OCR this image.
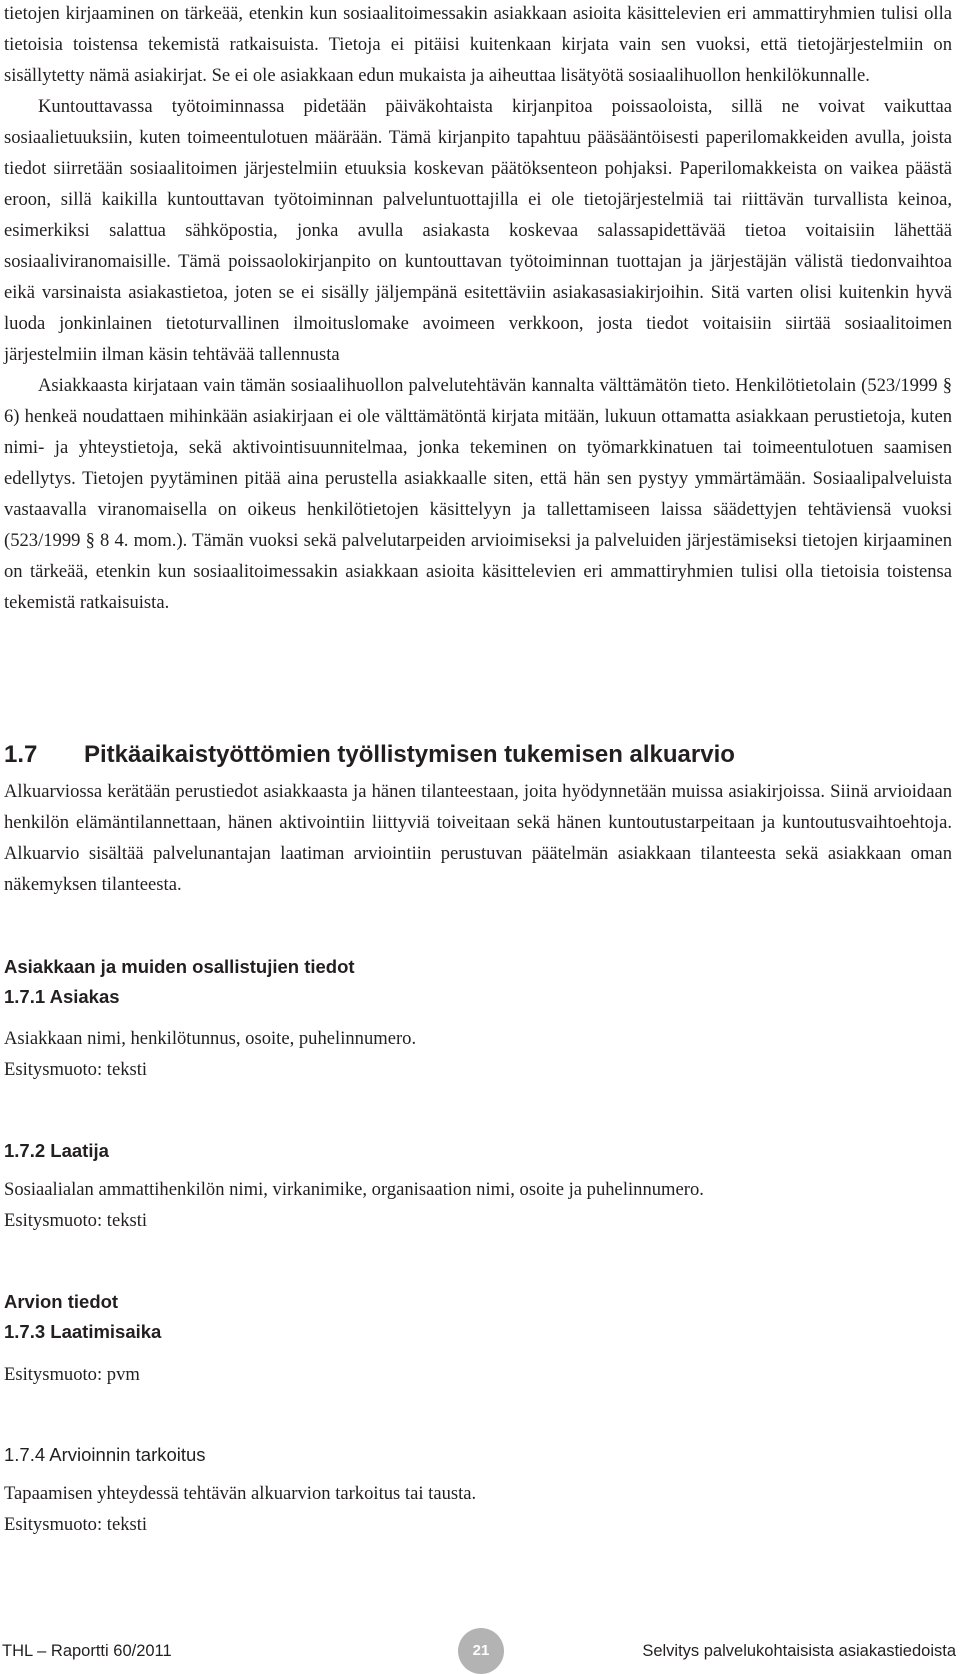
tietojen kirjaaminen on tärkeää, etenkin kun sosiaalitoimessakin asiakkaan asioita käsittelevien eri ammattiryhmien tulisi olla tietoisia toistensa tekemistä ratkaisuista. Tietoja ei pitäisi kuitenkaan kirjata vain sen vuoksi, että tietojärjestelmiin on sisällytetty nämä asiakirjat. Se ei ole asiakkaan edun mukaista ja aiheuttaa lisätyötä sosiaalihuollon henkilökunnalle.

Kuntouttavassa työtoiminnassa pidetään päiväkohtaista kirjanpitoa poissaoloista, sillä ne voivat vaikuttaa sosiaalietuuksiin, kuten toimeentulotuen määrään. Tämä kirjanpito tapahtuu pääsääntöisesti paperilomakkeiden avulla, joista tiedot siirretään sosiaalitoimen järjestelmiin etuuksia koskevan päätöksenteon pohjaksi. Paperilomakkeista on vaikea päästä eroon, sillä kaikilla kuntouttavan työtoiminnan palveluntuottajilla ei ole tietojärjestelmiä tai riittävän turvallista keinoa, esimerkiksi salattua sähköpostia, jonka avulla asiakasta koskevaa salassapidettävää tietoa voitaisiin lähettää sosiaaliviranomaisille. Tämä poissaolokirjanpito on kuntouttavan työtoiminnan tuottajan ja järjestäjän välistä tiedonvaihtoa eikä varsinaista asiakastietoa, joten se ei sisälly jäljempänä esitettäviin asiakasasiakirjoihin. Sitä varten olisi kuitenkin hyvä luoda jonkinlainen tietoturvallinen ilmoituslomake avoimeen verkkoon, josta tiedot voitaisiin siirtää sosiaalitoimen järjestelmiin ilman käsin tehtävää tallennusta

Asiakkaasta kirjataan vain tämän sosiaalihuollon palvelutehtävän kannalta välttämätön tieto. Henkilötietolain (523/1999 § 6) henkeä noudattaen mihinkään asiakirjaan ei ole välttämätöntä kirjata mitään, lukuun ottamatta asiakkaan perustietoja, kuten nimi- ja yhteystietoja, sekä aktivointisuunnitelmaa, jonka tekeminen on työmarkkinatuen tai toimeentulotuen saamisen edellytys. Tietojen pyytäminen pitää aina perustella asiakkaalle siten, että hän sen pystyy ymmärtämään. Sosiaalipalveluista vastaavalla viranomaisella on oikeus henkilötietojen käsittelyyn ja tallettamiseen laissa säädettyjen tehtäviensä vuoksi (523/1999 § 8 4. mom.). Tämän vuoksi sekä palvelutarpeiden arvioimiseksi ja palveluiden järjestämiseksi tietojen kirjaaminen on tärkeää, etenkin kun sosiaalitoimessakin asiakkaan asioita käsittelevien eri ammattiryhmien tulisi olla tietoisia toistensa tekemistä ratkaisuista.

1.7 Pitkäaikaistyöttömien työllistymisen tukemisen alkuarvio

Alkuarviossa kerätään perustiedot asiakkaasta ja hänen tilanteestaan, joita hyödynnetään muissa asiakirjoissa. Siinä arvioidaan henkilön elämäntilannettaan, hänen aktivointiin liittyviä toiveitaan sekä hänen kuntoutustarpeitaan ja kuntoutusvaihtoehtoja. Alkuarvio sisältää palvelunantajan laatiman arviointiin perustuvan päätelmän asiakkaan tilanteesta sekä asiakkaan oman näkemyksen tilanteesta.

Asiakkaan ja muiden osallistujien tiedot
1.7.1 Asiakas
Asiakkaan nimi, henkilötunnus, osoite, puhelinnumero.
Esitysmuoto: teksti
1.7.2 Laatija
Sosiaalialan ammattihenkilön nimi, virkanimike, organisaation nimi, osoite ja puhelinnumero.
Esitysmuoto: teksti
Arvion tiedot
1.7.3 Laatimisaika
Esitysmuoto: pvm
1.7.4 Arvioinnin tarkoitus
Tapaamisen yhteydessä tehtävän alkuarvion tarkoitus tai tausta.
Esitysmuoto: teksti
THL – Raportti 60/2011	21	Selvitys palvelukohtaisista asiakastiedoista
